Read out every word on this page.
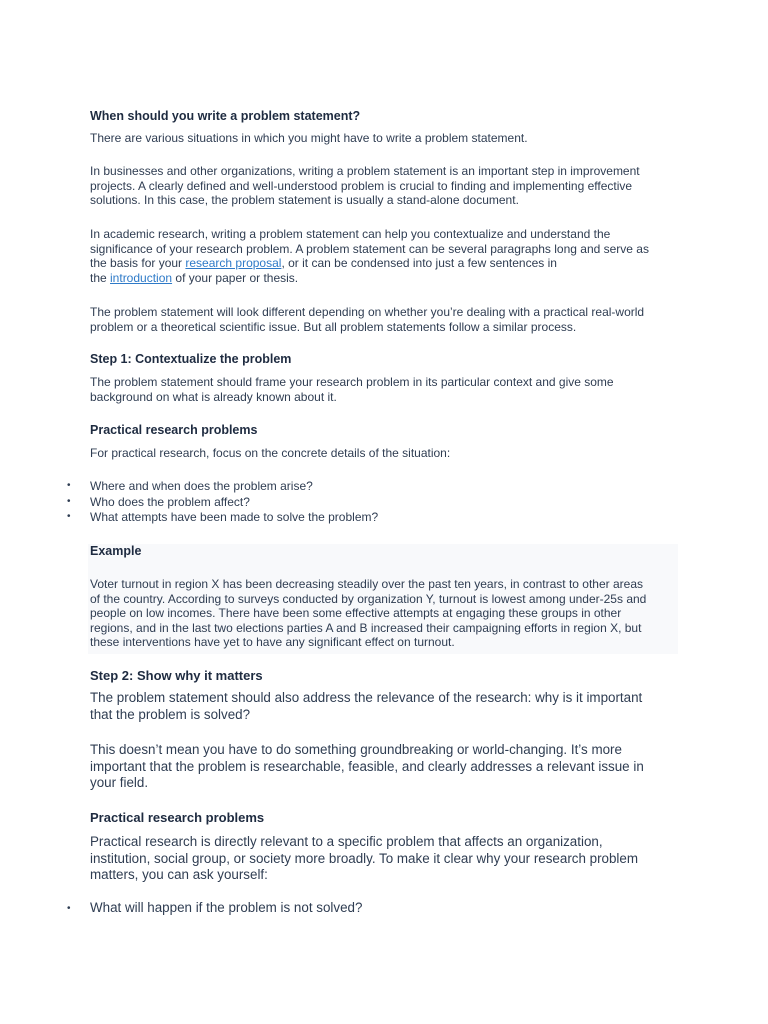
When should you write a problem statement?

There are various situations in which you might have to write a problem statement.

In businesses and other organizations, writing a problem statement is an important step in improvement
projects. A clearly defined and well-understood problem is crucial to finding and implementing effective
solutions. In this case, the problem statement is usually a stand-alone document.

In academic research, writing a problem statement can help you contextualize and understand the
significance of your research problem. A problem statement can be several paragraphs long and serve as
the basis for your research proposal, or it can be condensed into just a few sentences in
the introduction of your paper or thesis.

The problem statement will look different depending on whether you’re dealing with a practical real-world
problem or a theoretical scientific issue. But all problem statements follow a similar process.

Step 1: Contextualize the problem

The problem statement should frame your research problem in its particular context and give some
background on what is already known about it.

Practical research problems

For practical research, focus on the concrete details of the situation:

• Where and when does the problem arise?
• Who does the problem affect?
• What attempts have been made to solve the problem?
Example

Voter turnout in region X has been decreasing steadily over the past ten years, in contrast to other areas
of the country. According to surveys conducted by organization Y, turnout is lowest among under-25s and
people on low incomes. There have been some effective attempts at engaging these groups in other
regions, and in the last two elections parties A and B increased their campaigning efforts in region X, but
these interventions have yet to have any significant effect on turnout.

Step 2: Show why it matters

The problem statement should also address the relevance of the research: why is it important
that the problem is solved?

This doesn’t mean you have to do something groundbreaking or world-changing. It’s more
important that the problem is researchable, feasible, and clearly addresses a relevant issue in
your field.

Practical research problems

Practical research is directly relevant to a specific problem that affects an organization,
institution, social group, or society more broadly. To make it clear why your research problem
matters, you can ask yourself:

• What will happen if the problem is not solved?
